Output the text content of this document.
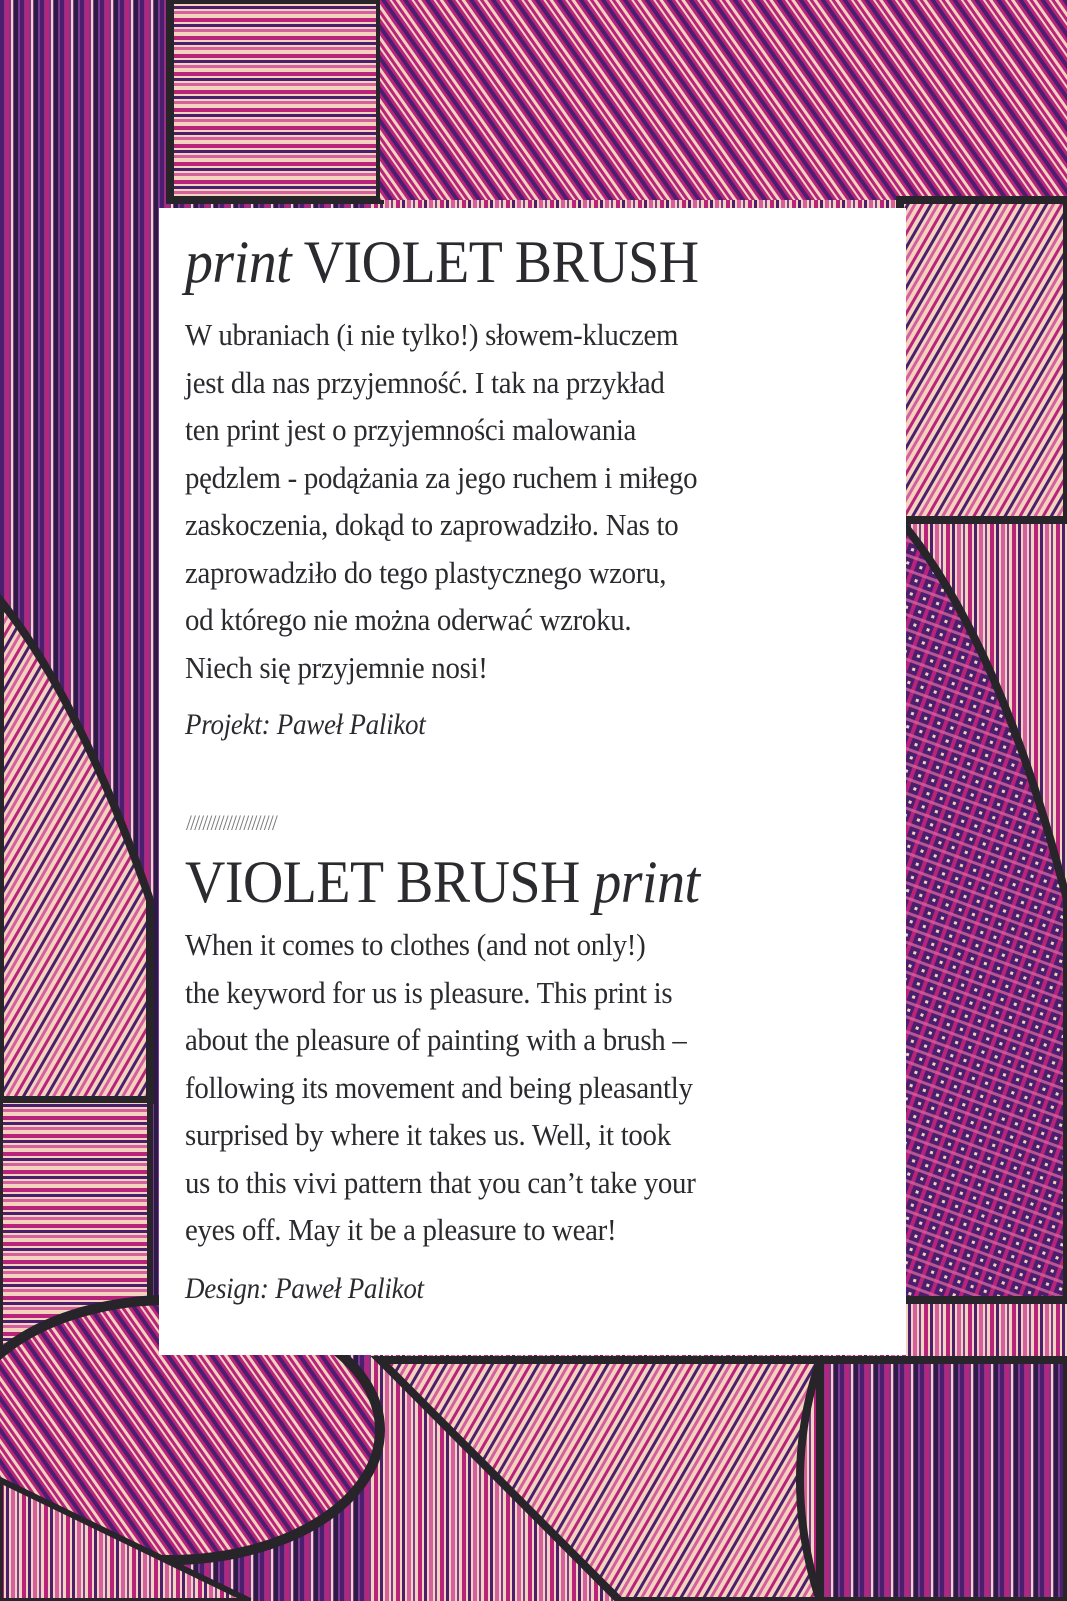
print VIOLET BRUSH
W ubraniach (i nie tylko!) słowem-kluczem
jest dla nas przyjemność. I tak na przykład
ten print jest o przyjemności malowania
pędzlem - podążania za jego ruchem i miłego
zaskoczenia, dokąd to zaprowadziło. Nas to
zaprowadziło do tego plastycznego wzoru,
od którego nie można oderwać wzroku.
Niech się przyjemnie nosi!

Projekt: Paweł Palikot

//////////////////////
VIOLET BRUSH print
When it comes to clothes (and not only!)
the keyword for us is pleasure. This print is
about the pleasure of painting with a brush –
following its movement and being pleasantly
surprised by where it takes us. Well, it took
us to this vivi pattern that you can’t take your
eyes off. May it be a pleasure to wear!

Design: Paweł Palikot
